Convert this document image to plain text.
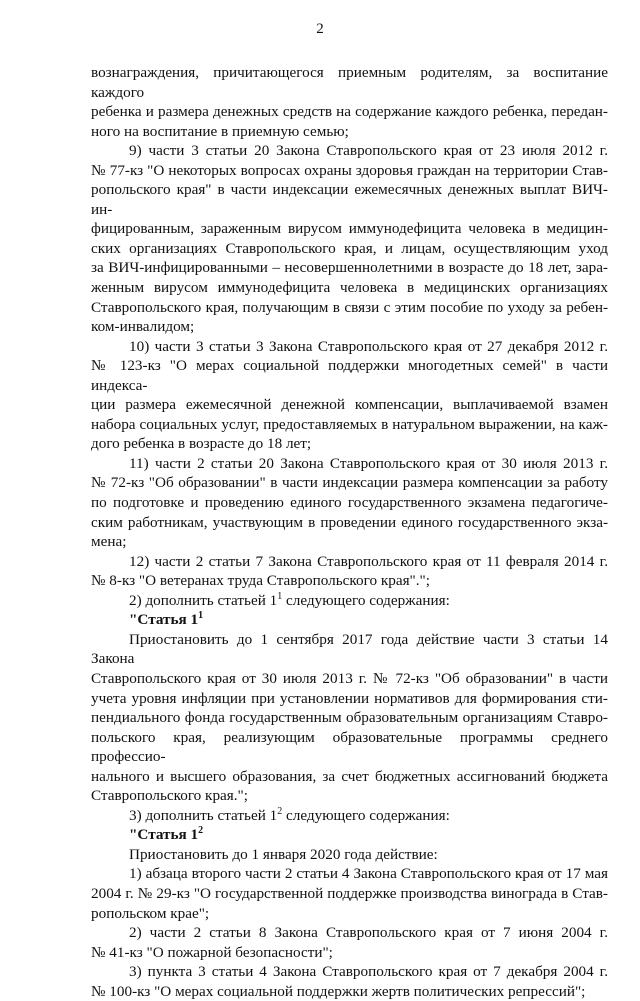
2
вознаграждения, причитающегося приемным родителям, за воспитание каждого
ребенка и размера денежных средств на содержание каждого ребенка, передан-
ного на воспитание в приемную семью;
9) части 3 статьи 20 Закона Ставропольского края от 23 июля 2012 г.
№ 77-кз "О некоторых вопросах охраны здоровья граждан на территории Став-
ропольского края" в части индексации ежемесячных денежных выплат ВИЧ-ин-
фицированным, зараженным вирусом иммунодефицита человека в медицин-
ских организациях Ставропольского края, и лицам, осуществляющим уход
за ВИЧ-инфицированными – несовершеннолетними в возрасте до 18 лет, зара-
женным вирусом иммунодефицита человека в медицинских организациях
Ставропольского края, получающим в связи с этим пособие по уходу за ребен-
ком-инвалидом;
10) части 3 статьи 3 Закона Ставропольского края от 27 декабря 2012 г.
№ 123-кз "О мерах социальной поддержки многодетных семей" в части индекса-
ции размера ежемесячной денежной компенсации, выплачиваемой взамен
набора социальных услуг, предоставляемых в натуральном выражении, на каж-
дого ребенка в возрасте до 18 лет;
11) части 2 статьи 20 Закона Ставропольского края от 30 июля 2013 г.
№ 72-кз "Об образовании" в части индексации размера компенсации за работу
по подготовке и проведению единого государственного экзамена педагогиче-
ским работникам, участвующим в проведении единого государственного экза-
мена;
12) части 2 статьи 7 Закона Ставропольского края от 11 февраля 2014 г.
№ 8-кз "О ветеранах труда Ставропольского края".";
2) дополнить статьей $1^1$ следующего содержания:
"Статья $1^1$
Приостановить до 1 сентября 2017 года действие части 3 статьи 14 Закона
Ставропольского края от 30 июля 2013 г. № 72-кз "Об образовании" в части
учета уровня инфляции при установлении нормативов для формирования сти-
пендиального фонда государственным образовательным организациям Ставро-
польского края, реализующим образовательные программы среднего профессио-
нального и высшего образования, за счет бюджетных ассигнований бюджета
Ставропольского края.";
3) дополнить статьей $1^2$ следующего содержания:
"Статья $1^2$
Приостановить до 1 января 2020 года действие:
1) абзаца второго части 2 статьи 4 Закона Ставропольского края от 17 мая
2004 г. № 29-кз "О государственной поддержке производства винограда в Став-
ропольском крае";
2) части 2 статьи 8 Закона Ставропольского края от 7 июня 2004 г.
№ 41-кз "О пожарной безопасности";
3) пункта 3 статьи 4 Закона Ставропольского края от 7 декабря 2004 г.
№ 100-кз "О мерах социальной поддержки жертв политических репрессий";
